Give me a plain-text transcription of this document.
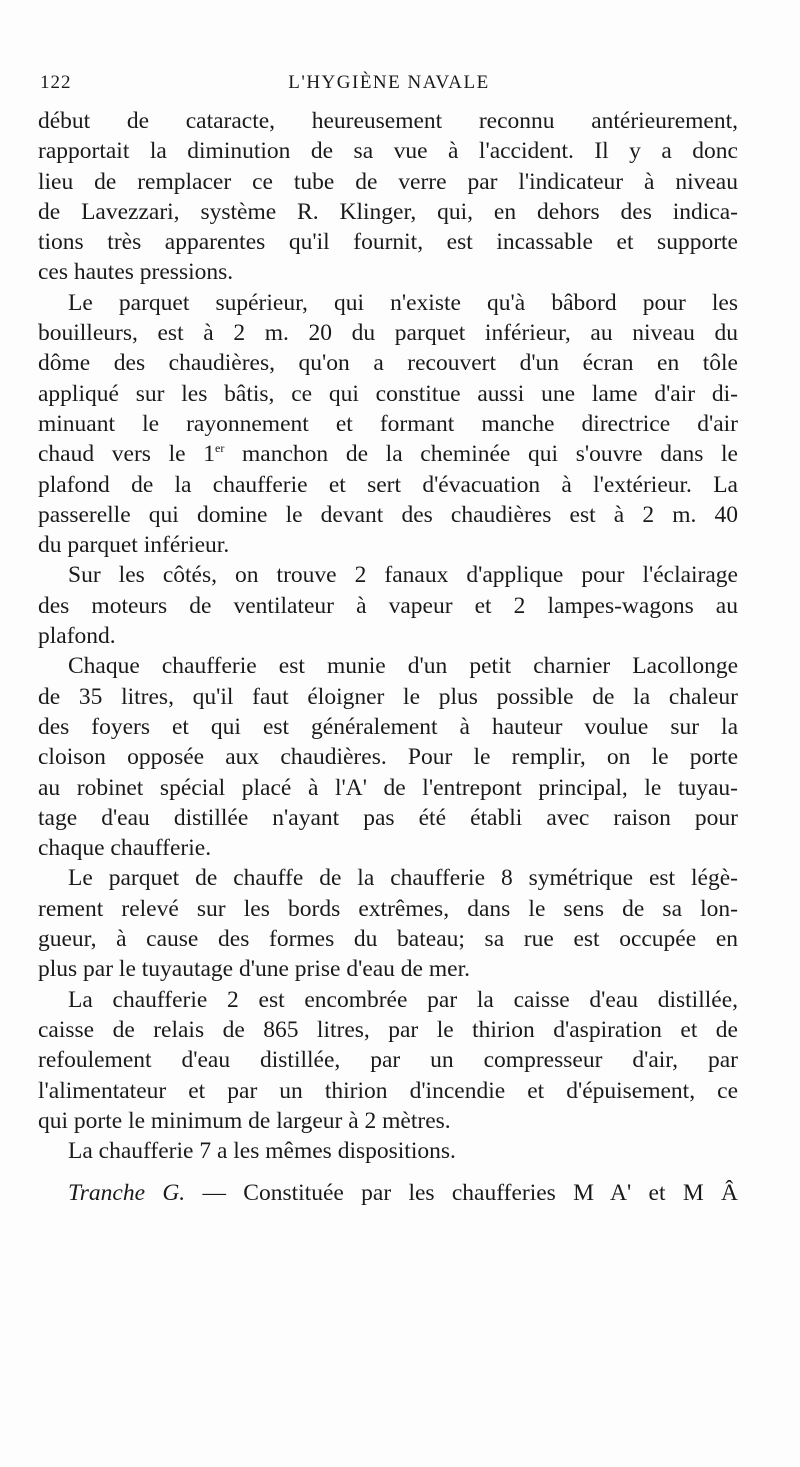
122	L'HYGIÈNE NAVALE
début de cataracte, heureusement reconnu antérieurement,
rapportait la diminution de sa vue à l'accident. Il y a donc
lieu de remplacer ce tube de verre par l'indicateur à niveau
de Lavezzari, système R. Klinger, qui, en dehors des indica-
tions très apparentes qu'il fournit, est incassable et supporte
ces hautes pressions.
Le parquet supérieur, qui n'existe qu'à bâbord pour les
bouilleurs, est à 2 m. 20 du parquet inférieur, au niveau du
dôme des chaudières, qu'on a recouvert d'un écran en tôle
appliqué sur les bâtis, ce qui constitue aussi une lame d'air di-
minuant le rayonnement et formant manche directrice d'air
chaud vers le 1er manchon de la cheminée qui s'ouvre dans le
plafond de la chaufferie et sert d'évacuation à l'extérieur. La
passerelle qui domine le devant des chaudières est à 2 m. 40
du parquet inférieur.
Sur les côtés, on trouve 2 fanaux d'applique pour l'éclairage
des moteurs de ventilateur à vapeur et 2 lampes-wagons au
plafond.
Chaque chaufferie est munie d'un petit charnier Lacollonge
de 35 litres, qu'il faut éloigner le plus possible de la chaleur
des foyers et qui est généralement à hauteur voulue sur la
cloison opposée aux chaudières. Pour le remplir, on le porte
au robinet spécial placé à l'A' de l'entrepont principal, le tuyau-
tage d'eau distillée n'ayant pas été établi avec raison pour
chaque chaufferie.
Le parquet de chauffe de la chaufferie 8 symétrique est légè-
rement relevé sur les bords extrêmes, dans le sens de sa lon-
gueur, à cause des formes du bateau; sa rue est occupée en
plus par le tuyautage d'une prise d'eau de mer.
La chaufferie 2 est encombrée par la caisse d'eau distillée,
caisse de relais de 865 litres, par le thirion d'aspiration et de
refoulement d'eau distillée, par un compresseur d'air, par
l'alimentateur et par un thirion d'incendie et d'épuisement, ce
qui porte le minimum de largeur à 2 mètres.
La chaufferie 7 a les mêmes dispositions.
Tranche G. — Constituée par les chaufferies M A' et M Â
